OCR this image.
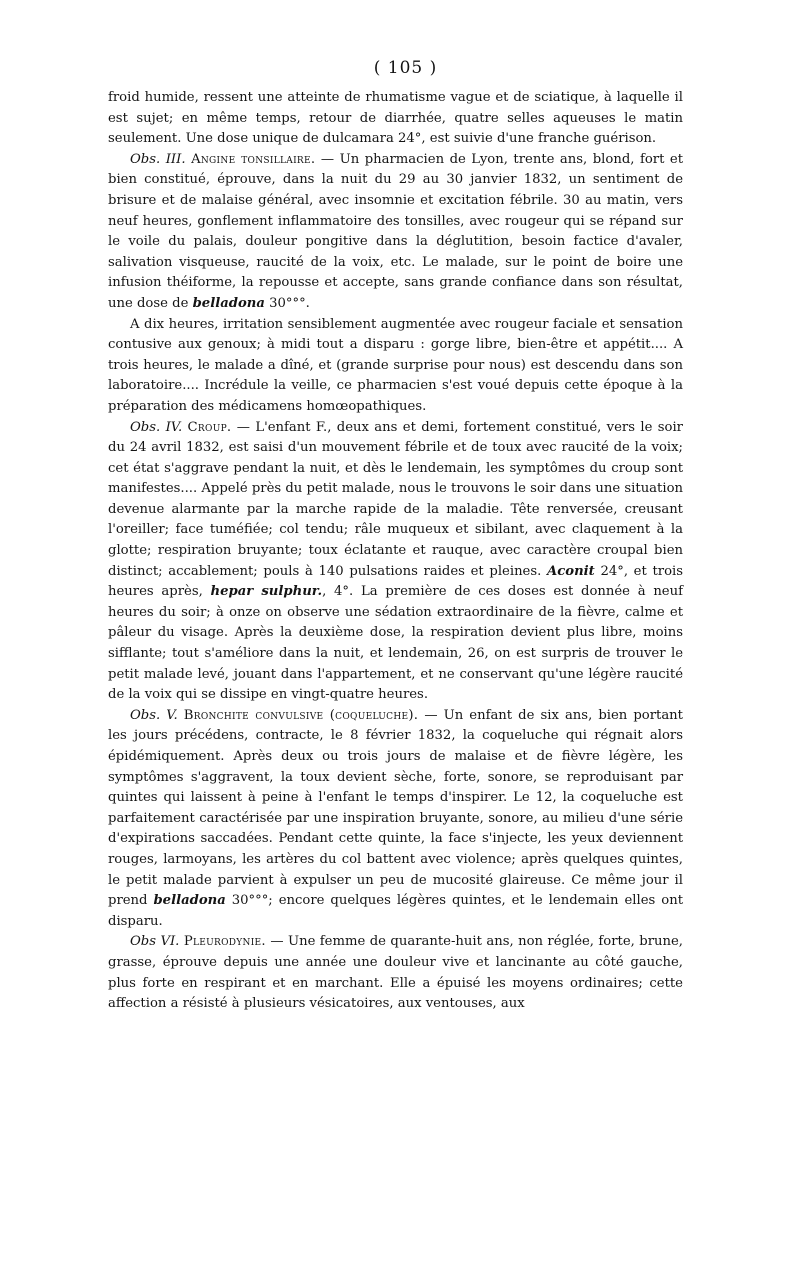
( 105 )

froid humide, ressent une atteinte de rhumatisme vague et de sciatique, à laquelle il est sujet; en même temps, retour de diarrhée, quatre selles aqueuses le matin seulement. Une dose unique de dulcamara 24°, est suivie d'une franche guérison.

Obs. III. Angine tonsillaire. — Un pharmacien de Lyon, trente ans, blond, fort et bien constitué, éprouve, dans la nuit du 29 au 30 janvier 1832, un sentiment de brisure et de malaise général, avec insomnie et excitation fébrile. 30 au matin, vers neuf heures, gonflement inflammatoire des tonsilles, avec rougeur qui se répand sur le voile du palais, douleur pongitive dans la déglutition, besoin factice d'avaler, salivation visqueuse, raucité de la voix, etc. Le malade, sur le point de boire une infusion théiforme, la repousse et accepte, sans grande confiance dans son résultat, une dose de belladona 30°°°.

A dix heures, irritation sensiblement augmentée avec rougeur faciale et sensation contusive aux genoux; à midi tout a disparu : gorge libre, bien-être et appétit.... A trois heures, le malade a dîné, et (grande surprise pour nous) est descendu dans son laboratoire.... Incrédule la veille, ce pharmacien s'est voué depuis cette époque à la préparation des médicamens homœopathiques.

Obs. IV. Croup. — L'enfant F., deux ans et demi, fortement constitué, vers le soir du 24 avril 1832, est saisi d'un mouvement fébrile et de toux avec raucité de la voix; cet état s'aggrave pendant la nuit, et dès le lendemain, les symptômes du croup sont manifestes.... Appelé près du petit malade, nous le trouvons le soir dans une situation devenue alarmante par la marche rapide de la maladie. Tête renversée, creusant l'oreiller; face tuméfiée; col tendu; râle muqueux et sibilant, avec claquement à la glotte; respiration bruyante; toux éclatante et rauque, avec caractère croupal bien distinct; accablement; pouls à 140 pulsations raides et pleines. Aconit 24°, et trois heures après, hepar sulphur., 4°. La première de ces doses est donnée à neuf heures du soir; à onze on observe une sédation extraordinaire de la fièvre, calme et pâleur du visage. Après la deuxième dose, la respiration devient plus libre, moins sifflante; tout s'améliore dans la nuit, et lendemain, 26, on est surpris de trouver le petit malade levé, jouant dans l'appartement, et ne conservant qu'une légère raucité de la voix qui se dissipe en vingt-quatre heures.

Obs. V. Bronchite convulsive (coqueluche). — Un enfant de six ans, bien portant les jours précédens, contracte, le 8 février 1832, la coqueluche qui régnait alors épidémiquement. Après deux ou trois jours de malaise et de fièvre légère, les symptômes s'aggravent, la toux devient sèche, forte, sonore, se reproduisant par quintes qui laissent à peine à l'enfant le temps d'inspirer. Le 12, la coqueluche est parfaitement caractérisée par une inspiration bruyante, sonore, au milieu d'une série d'expirations saccadées. Pendant cette quinte, la face s'injecte, les yeux deviennent rouges, larmoyans, les artères du col battent avec violence; après quelques quintes, le petit malade parvient à expulser un peu de mucosité glaireuse. Ce même jour il prend belladona 30°°°; encore quelques légères quintes, et le lendemain elles ont disparu.

Obs VI. Pleurodynie. — Une femme de quarante-huit ans, non réglée, forte, brune, grasse, éprouve depuis une année une douleur vive et lancinante au côté gauche, plus forte en respirant et en marchant. Elle a épuisé les moyens ordinaires; cette affection a résisté à plusieurs vésicatoires, aux ventouses, aux
